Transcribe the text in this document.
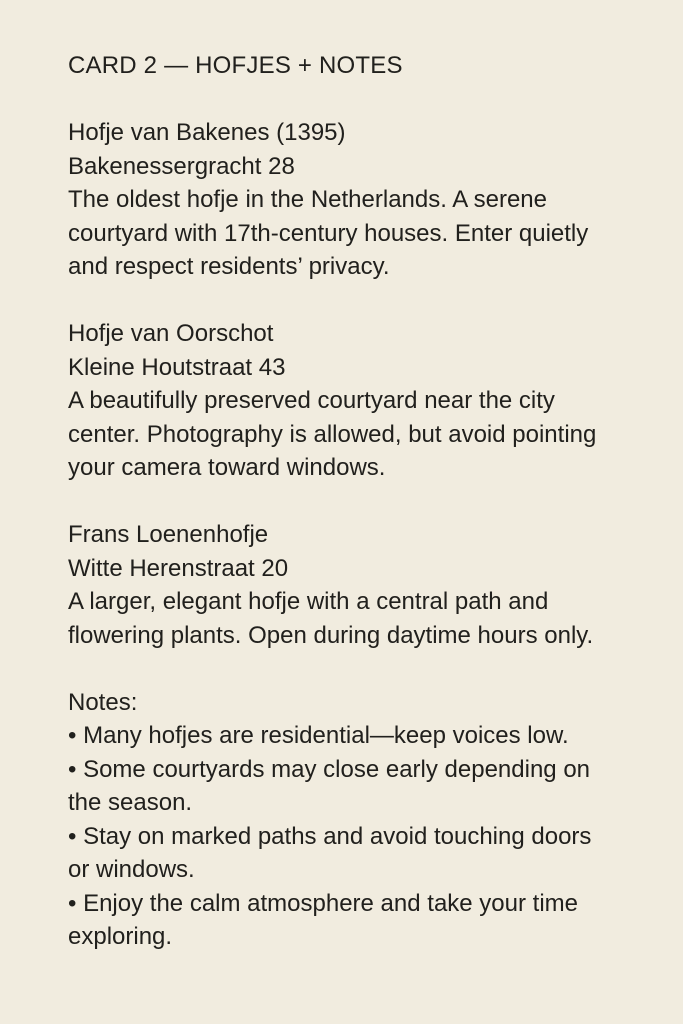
CARD 2 — HOFJES + NOTES

Hofje van Bakenes (1395)

Bakenessergracht 28

The oldest hofje in the Netherlands. A serene courtyard with 17th-century houses. Enter quietly and respect residents’ privacy.

Hofje van Oorschot

Kleine Houtstraat 43

A beautifully preserved courtyard near the city center. Photography is allowed, but avoid pointing your camera toward windows.

Frans Loenenhofje

Witte Herenstraat 20

A larger, elegant hofje with a central path and flowering plants. Open during daytime hours only.

Notes:

• Many hofjes are residential—keep voices low.

• Some courtyards may close early depending on the season.

• Stay on marked paths and avoid touching doors or windows.

• Enjoy the calm atmosphere and take your time exploring.
